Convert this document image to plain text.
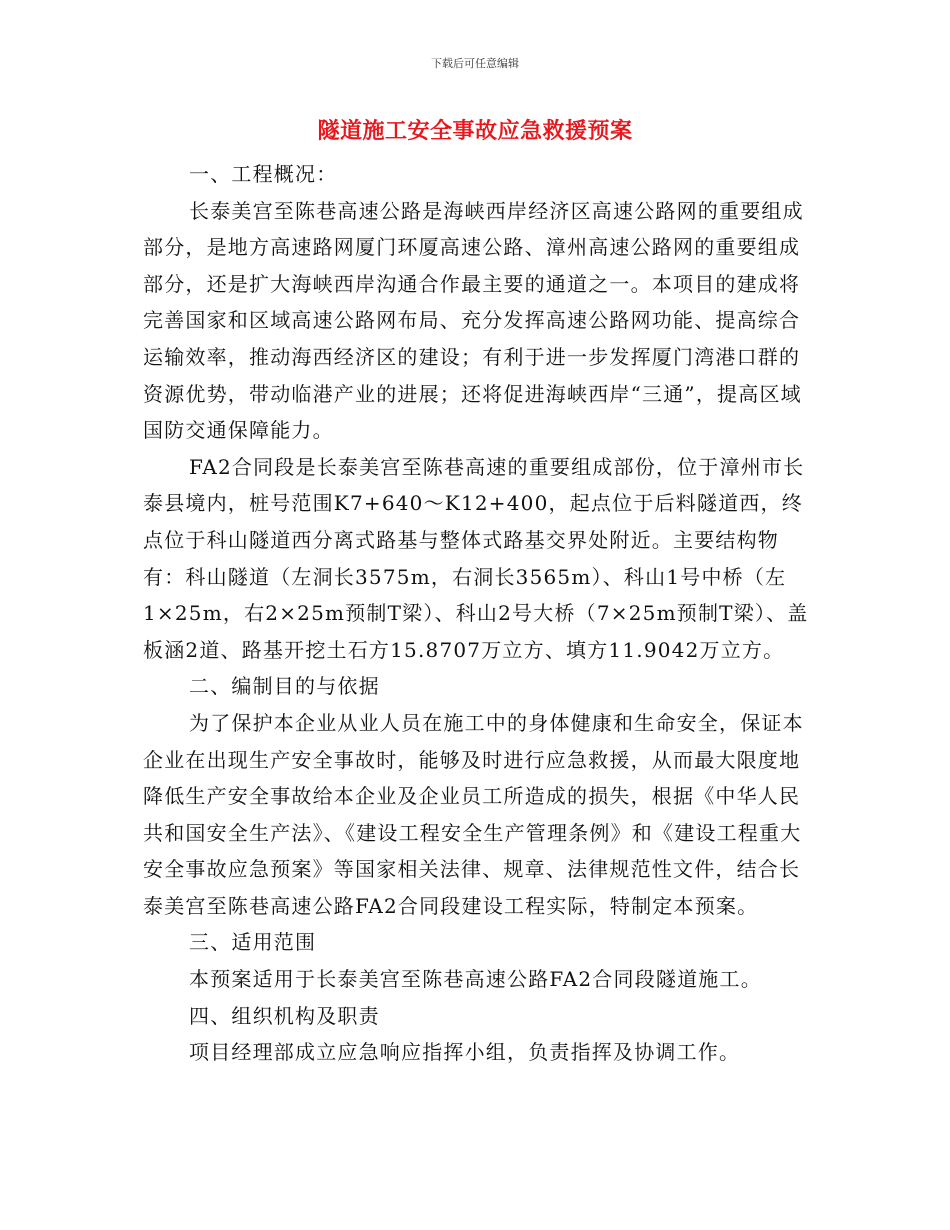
下载后可任意编辑
隧道施工安全事故应急救援预案

一、工程概况：

长泰美宫至陈巷高速公路是海峡西岸经济区高速公路网的重要组成部分，是地方高速路网厦门环厦高速公路、漳州高速公路网的重要组成部分，还是扩大海峡西岸沟通合作最主要的通道之一。本项目的建成将完善国家和区域高速公路网布局、充分发挥高速公路网功能、提高综合运输效率，推动海西经济区的建设；有利于进一步发挥厦门湾港口群的资源优势，带动临港产业的进展；还将促进海峡西岸“三通”，提高区域国防交通保障能力。

FA2合同段是长泰美宫至陈巷高速的重要组成部份，位于漳州市长泰县境内，桩号范围K7+640～K12+400，起点位于后料隧道西，终点位于科山隧道西分离式路基与整体式路基交界处附近。主要结构物有：科山隧道（左洞长3575m，右洞长3565m）、科山1号中桥（左1×25m，右2×25m预制T梁）、科山2号大桥（7×25m预制T梁）、盖板涵2道、路基开挖土石方15.8707万立方、填方11.9042万立方。

二、编制目的与依据

为了保护本企业从业人员在施工中的身体健康和生命安全，保证本企业在出现生产安全事故时，能够及时进行应急救援，从而最大限度地降低生产安全事故给本企业及企业员工所造成的损失，根据《中华人民共和国安全生产法》、《建设工程安全生产管理条例》和《建设工程重大安全事故应急预案》等国家相关法律、规章、法律规范性文件，结合长泰美宫至陈巷高速公路FA2合同段建设工程实际，特制定本预案。

三、适用范围

本预案适用于长泰美宫至陈巷高速公路FA2合同段隧道施工。

四、组织机构及职责

项目经理部成立应急响应指挥小组，负责指挥及协调工作。
